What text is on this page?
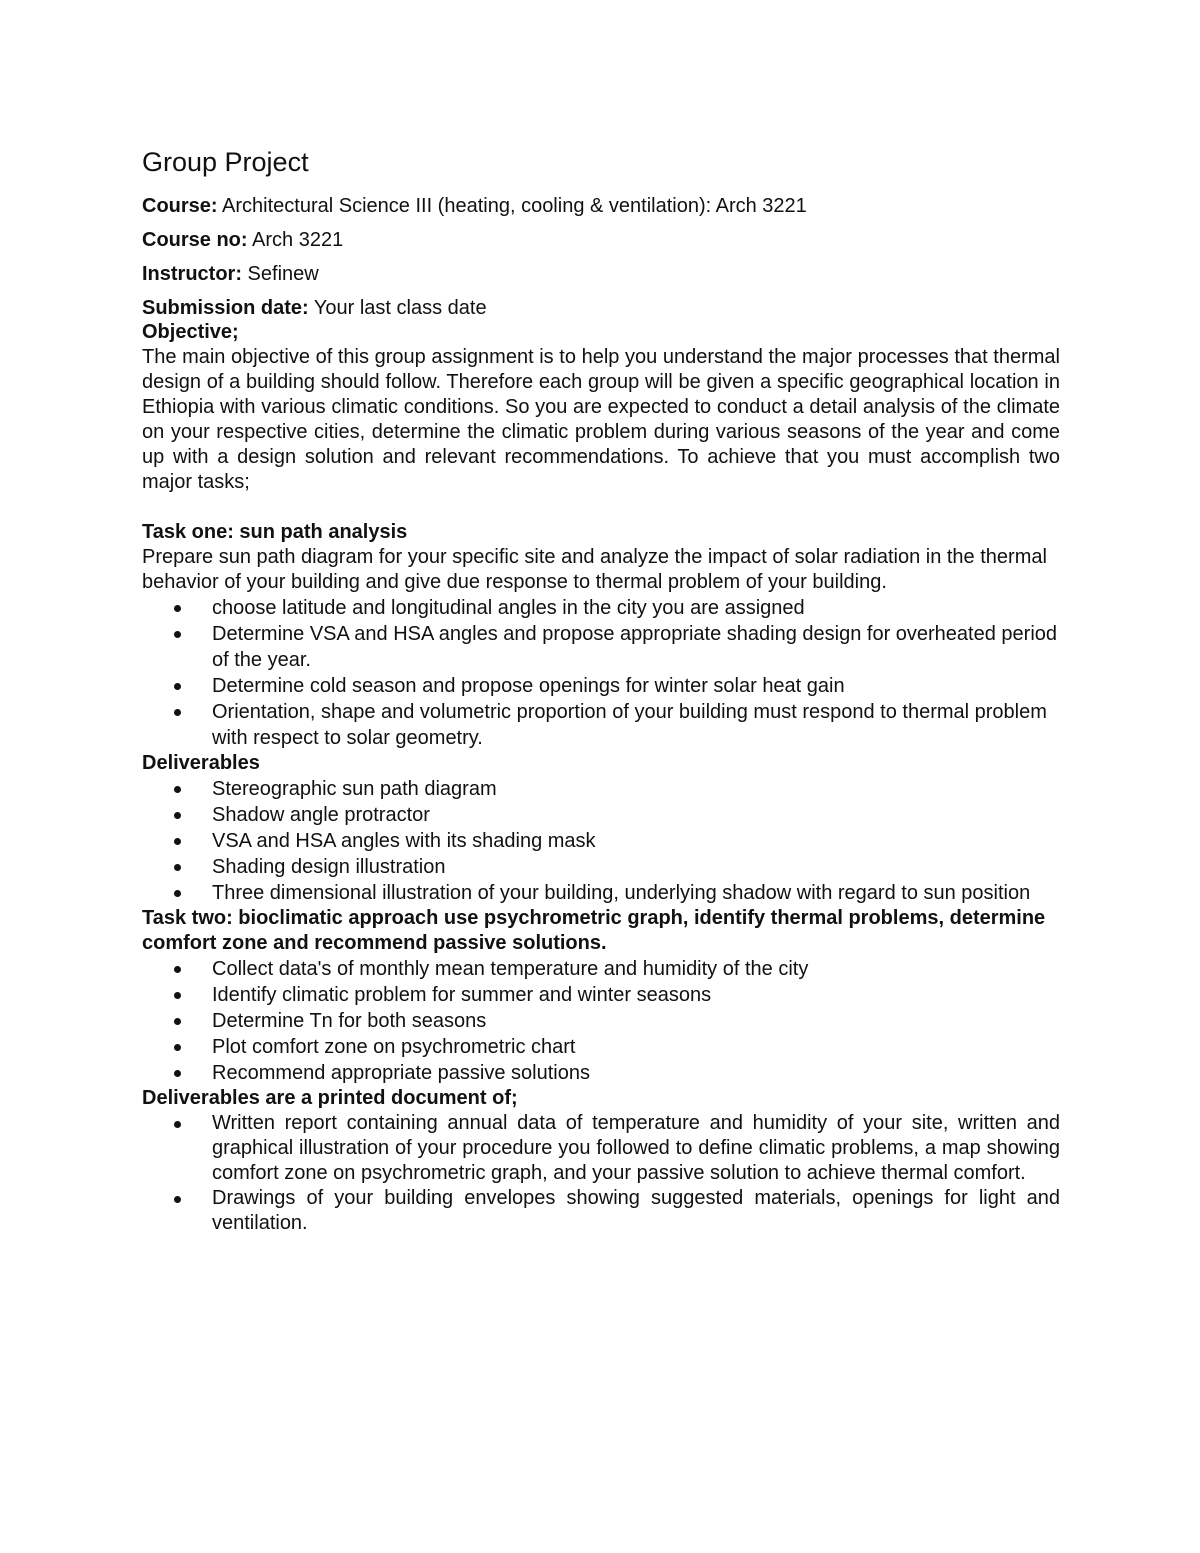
Group Project

Course: Architectural Science III (heating, cooling & ventilation): Arch 3221

Course no: Arch 3221

Instructor: Sefinew

Submission date: Your last class date

Objective;

The main objective of this group assignment is to help you understand the major processes that thermal design of a building should follow. Therefore each group will be given a specific geographical location in Ethiopia with various climatic conditions. So you are expected to conduct a detail analysis of the climate on your respective cities, determine the climatic problem during various seasons of the year and come up with a design solution and relevant recommendations. To achieve that you must accomplish two major tasks;

Task one: sun path analysis

Prepare sun path diagram for your specific site and analyze the impact of solar radiation in the thermal behavior of your building and give due response to thermal problem of your building.

choose latitude and longitudinal angles in the city you are assigned
Determine VSA and HSA angles and propose appropriate shading design for overheated period of the year.
Determine cold season and propose openings for winter solar heat gain
Orientation, shape and volumetric proportion of your building must respond to thermal problem with respect to solar geometry.

Deliverables

Stereographic sun path diagram
Shadow angle protractor
VSA and HSA angles with its shading mask
Shading design illustration
Three dimensional illustration of your building, underlying shadow with regard to sun position

Task two: bioclimatic approach use psychrometric graph, identify thermal problems, determine comfort zone and recommend passive solutions.

Collect data's of monthly mean temperature and humidity of the city
Identify climatic problem for summer and winter seasons
Determine Tn for both seasons
Plot comfort zone on psychrometric chart
Recommend appropriate passive solutions

Deliverables are a printed document of;

Written report containing annual data of temperature and humidity of your site, written and graphical illustration of your procedure you followed to define climatic problems, a map showing comfort zone on psychrometric graph, and your passive solution to achieve thermal comfort.
Drawings of your building envelopes showing suggested materials, openings for light and ventilation.
